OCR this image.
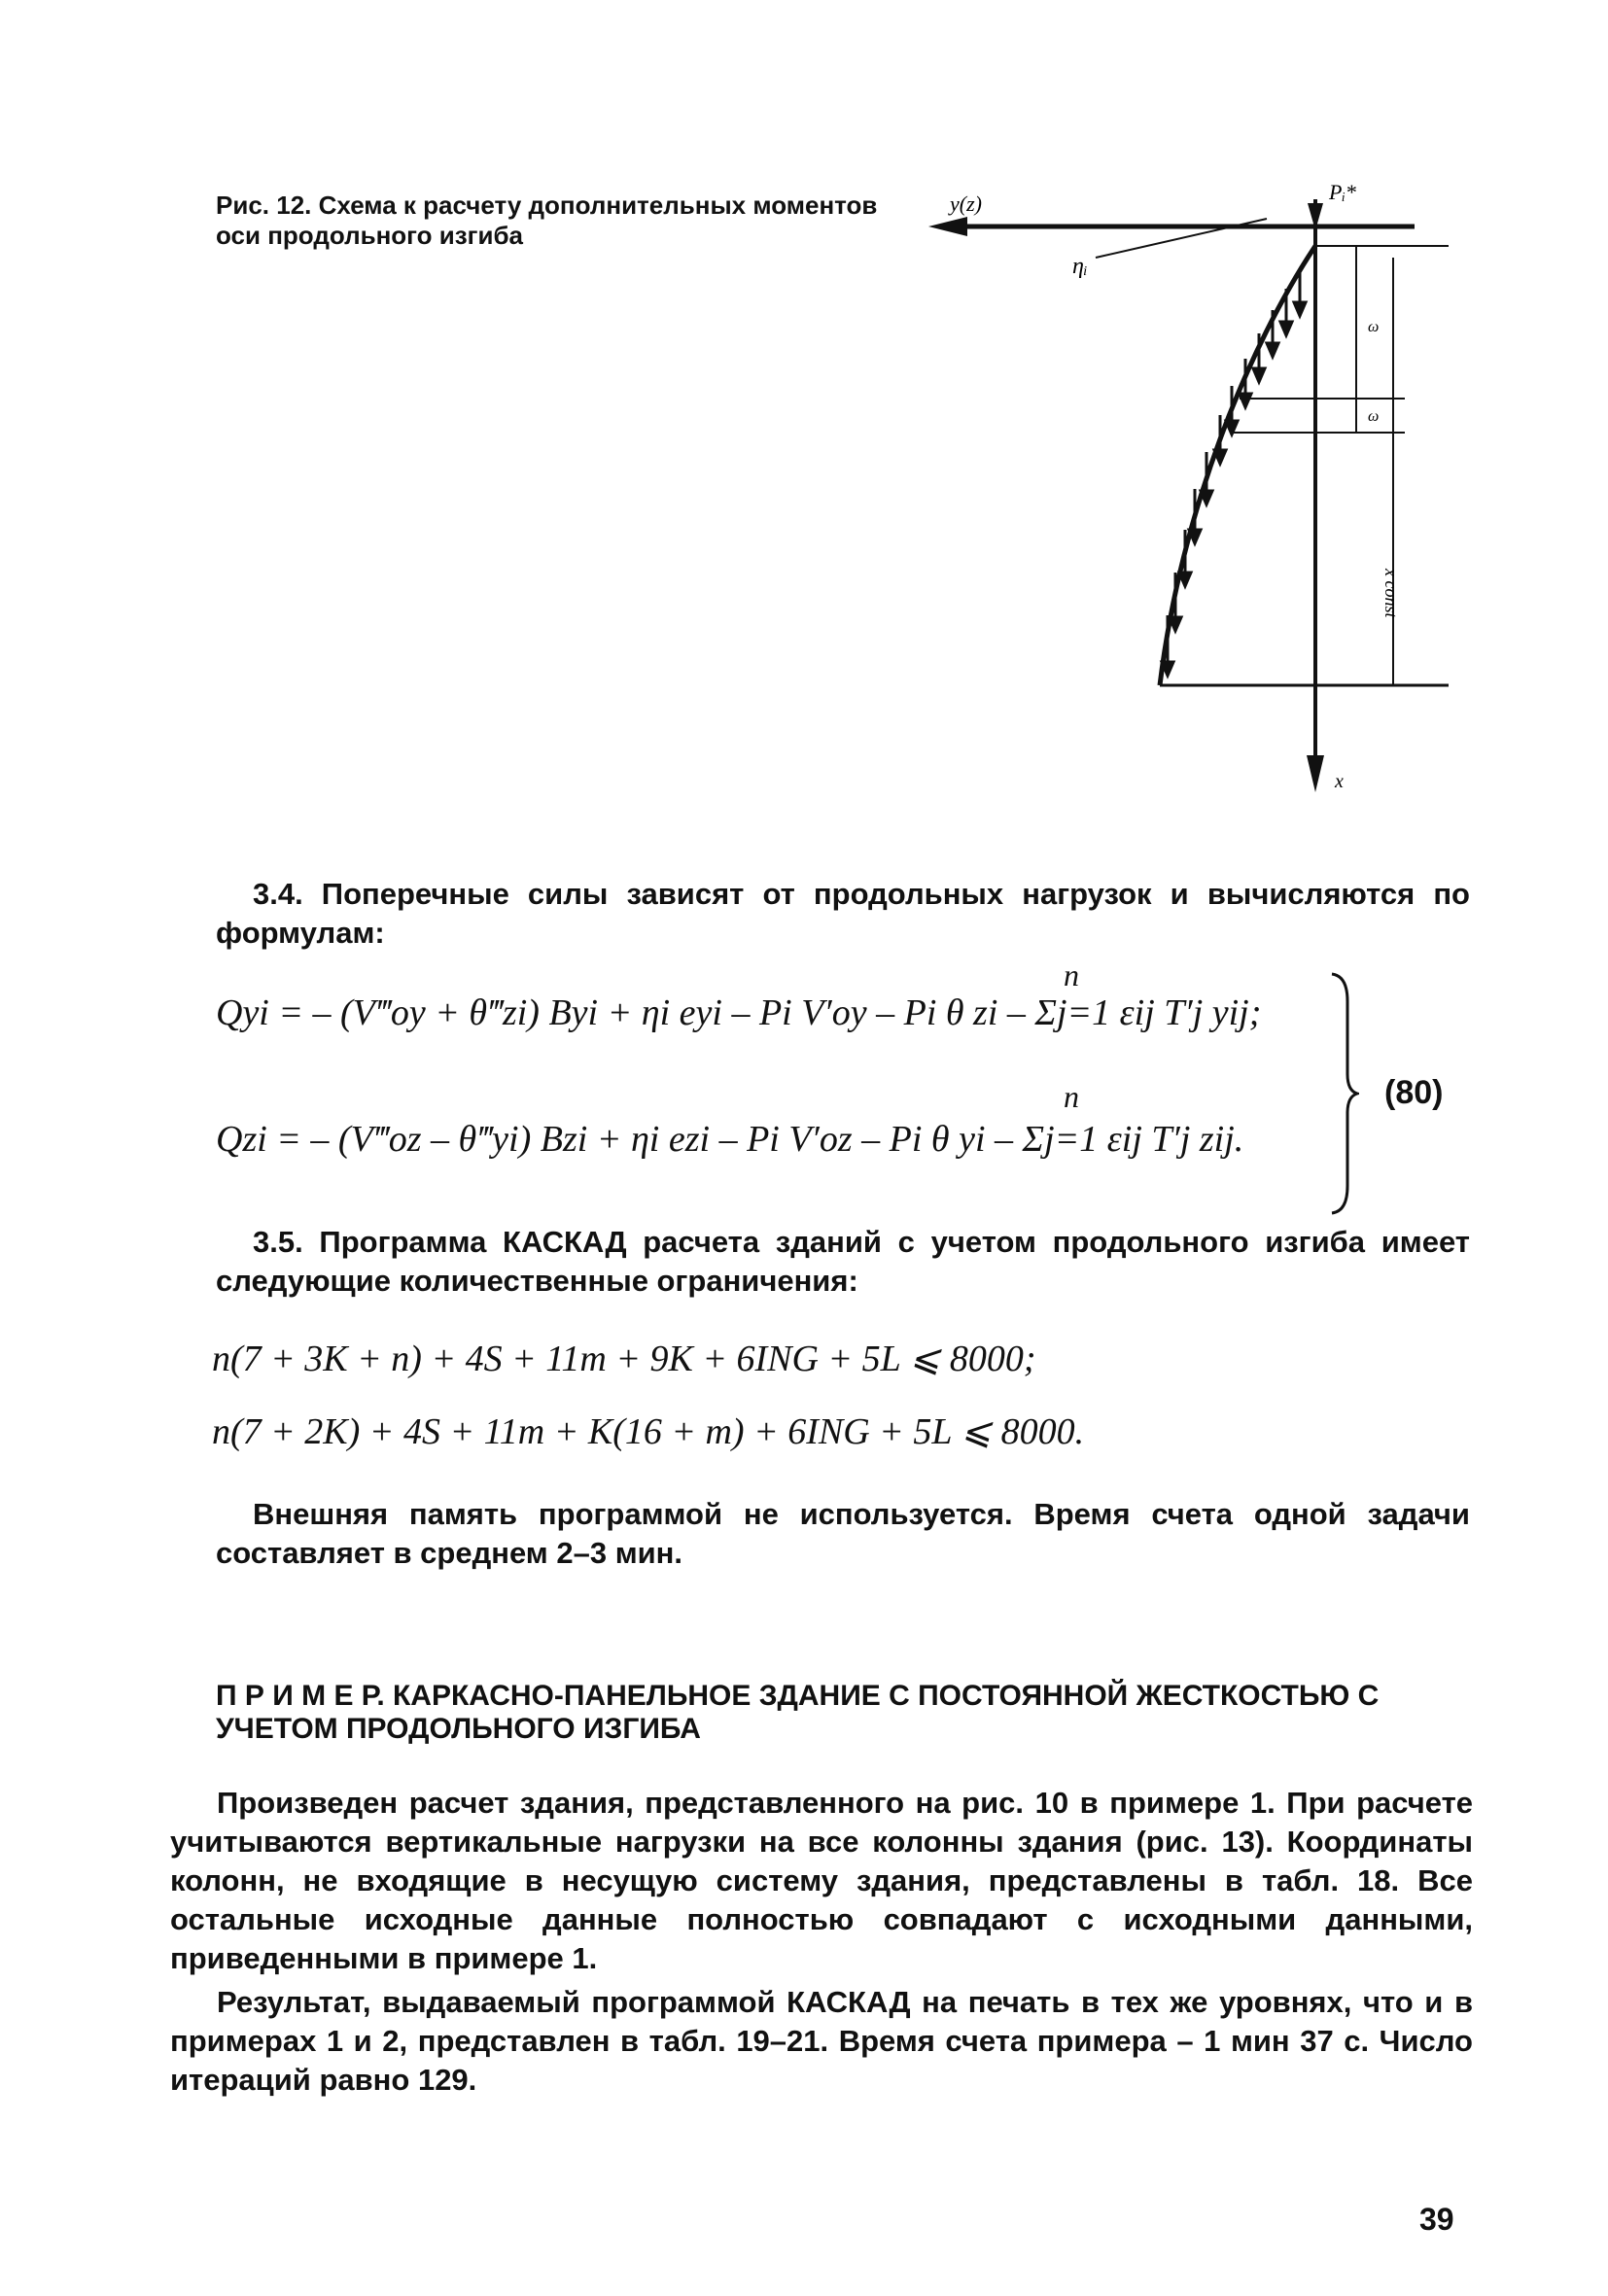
Рис. 12. Схема к расчету дополнительных моментов оси продольного изгиба
y(z)	Pᵢ*
x
ηᵢ
ω
ω
x const
3.4. Поперечные силы зависят от продольных нагрузок и вычисляются по формулам:
n
Qyi = – (V‴oy + θ‴zi) Byi + ηi eyi – Pi V′oy – Pi θ zi – Σj=1 εij T′j yij;
n
Qzi = – (V‴oz – θ‴yi) Bzi + ηi ezi – Pi V′oz – Pi θ yi – Σj=1 εij T′j zij.
(80)
3.5. Программа КАСКАД расчета зданий с учетом продольного изгиба имеет следующие количественные ограничения:
n(7 + 3K + n) + 4S + 11m + 9K + 6ING + 5L ⩽ 8000;
n(7 + 2K) + 4S + 11m + K(16 + m) + 6ING + 5L ⩽ 8000.
Внешняя память программой не используется. Время счета одной задачи составляет в среднем 2–3 мин.
П Р И М Е Р. КАРКАСНО-ПАНЕЛЬНОЕ ЗДАНИЕ С ПОСТОЯННОЙ ЖЕСТКОСТЬЮ С УЧЕТОМ ПРОДОЛЬНОГО ИЗГИБА
Произведен расчет здания, представленного на рис. 10 в примере 1. При расчете учитываются вертикальные нагрузки на все колонны здания (рис. 13). Координаты колонн, не входящие в несущую систему здания, представлены в табл. 18. Все остальные исходные данные полностью совпадают с исходными данными, приведенными в примере 1.
Результат, выдаваемый программой КАСКАД на печать в тех же уровнях, что и в примерах 1 и 2, представлен в табл. 19–21. Время счета примера – 1 мин 37 с. Число итераций равно 129.
39
